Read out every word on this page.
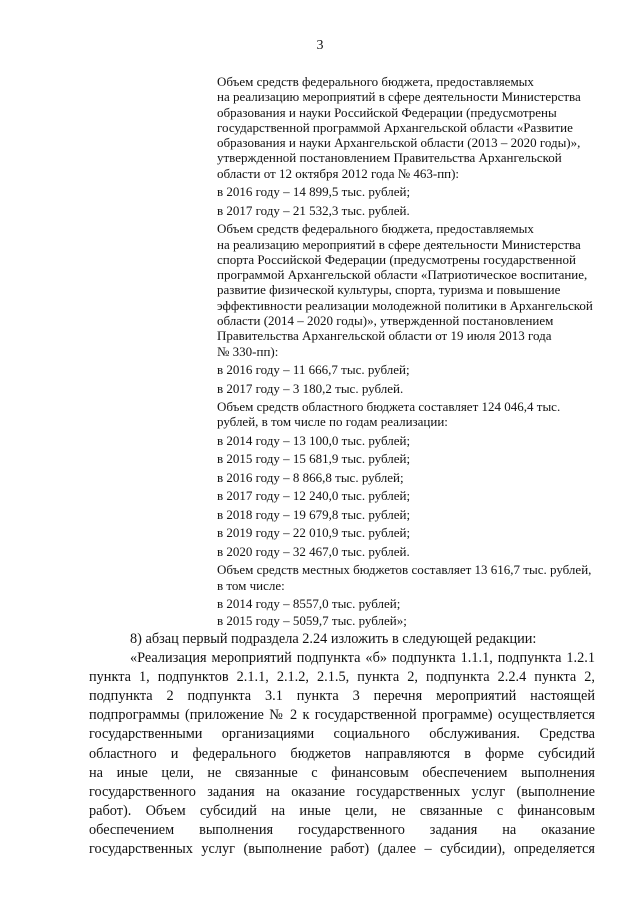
3
Объем средств федерального бюджета, предоставляемых
на реализацию мероприятий в сфере деятельности Министерства
образования и науки Российской Федерации (предусмотрены
государственной программой Архангельской области «Развитие
образования и науки Архангельской области (2013 – 2020 годы)»,
утвержденной постановлением Правительства Архангельской
области от 12 октября 2012 года № 463-пп):
в 2016 году – 14 899,5 тыс. рублей;
в 2017 году – 21 532,3 тыс. рублей.
Объем средств федерального бюджета, предоставляемых
на реализацию мероприятий в сфере деятельности Министерства
спорта Российской Федерации (предусмотрены государственной
программой Архангельской области «Патриотическое воспитание,
развитие физической культуры, спорта, туризма и повышение
эффективности реализации молодежной политики в Архангельской
области (2014 – 2020 годы)», утвержденной постановлением
Правительства Архангельской области от 19 июля 2013 года
№ 330-пп):
в 2016 году – 11 666,7 тыс. рублей;
в 2017 году – 3 180,2 тыс. рублей.
Объем средств областного бюджета составляет 124 046,4 тыс.
рублей, в том числе по годам реализации:
в 2014 году – 13 100,0 тыс. рублей;
в 2015 году – 15 681,9 тыс. рублей;
в 2016 году – 8 866,8 тыс. рублей;
в 2017 году – 12 240,0 тыс. рублей;
в 2018 году – 19 679,8 тыс. рублей;
в 2019 году – 22 010,9 тыс. рублей;
в 2020 году – 32 467,0 тыс. рублей.
Объем средств местных бюджетов составляет 13 616,7 тыс. рублей,
в том числе:
в 2014 году – 8557,0 тыс. рублей;
в 2015 году – 5059,7 тыс. рублей»;
8) абзац первый подраздела 2.24 изложить в следующей редакции:
«Реализация мероприятий подпункта «б» подпункта 1.1.1, подпункта 1.2.1
пункта 1, подпунктов 2.1.1, 2.1.2, 2.1.5, пункта 2, подпункта 2.2.4 пункта 2,
подпункта 2 подпункта 3.1 пункта 3 перечня мероприятий настоящей
подпрограммы (приложение № 2 к государственной программе) осуществляется
государственными организациями социального обслуживания. Средства
областного и федерального бюджетов направляются в форме субсидий
на иные цели, не связанные с финансовым обеспечением выполнения
государственного задания на оказание государственных услуг (выполнение
работ). Объем субсидий на иные цели, не связанные с финансовым
обеспечением выполнения государственного задания на оказание
государственных услуг (выполнение работ) (далее – субсидии), определяется
